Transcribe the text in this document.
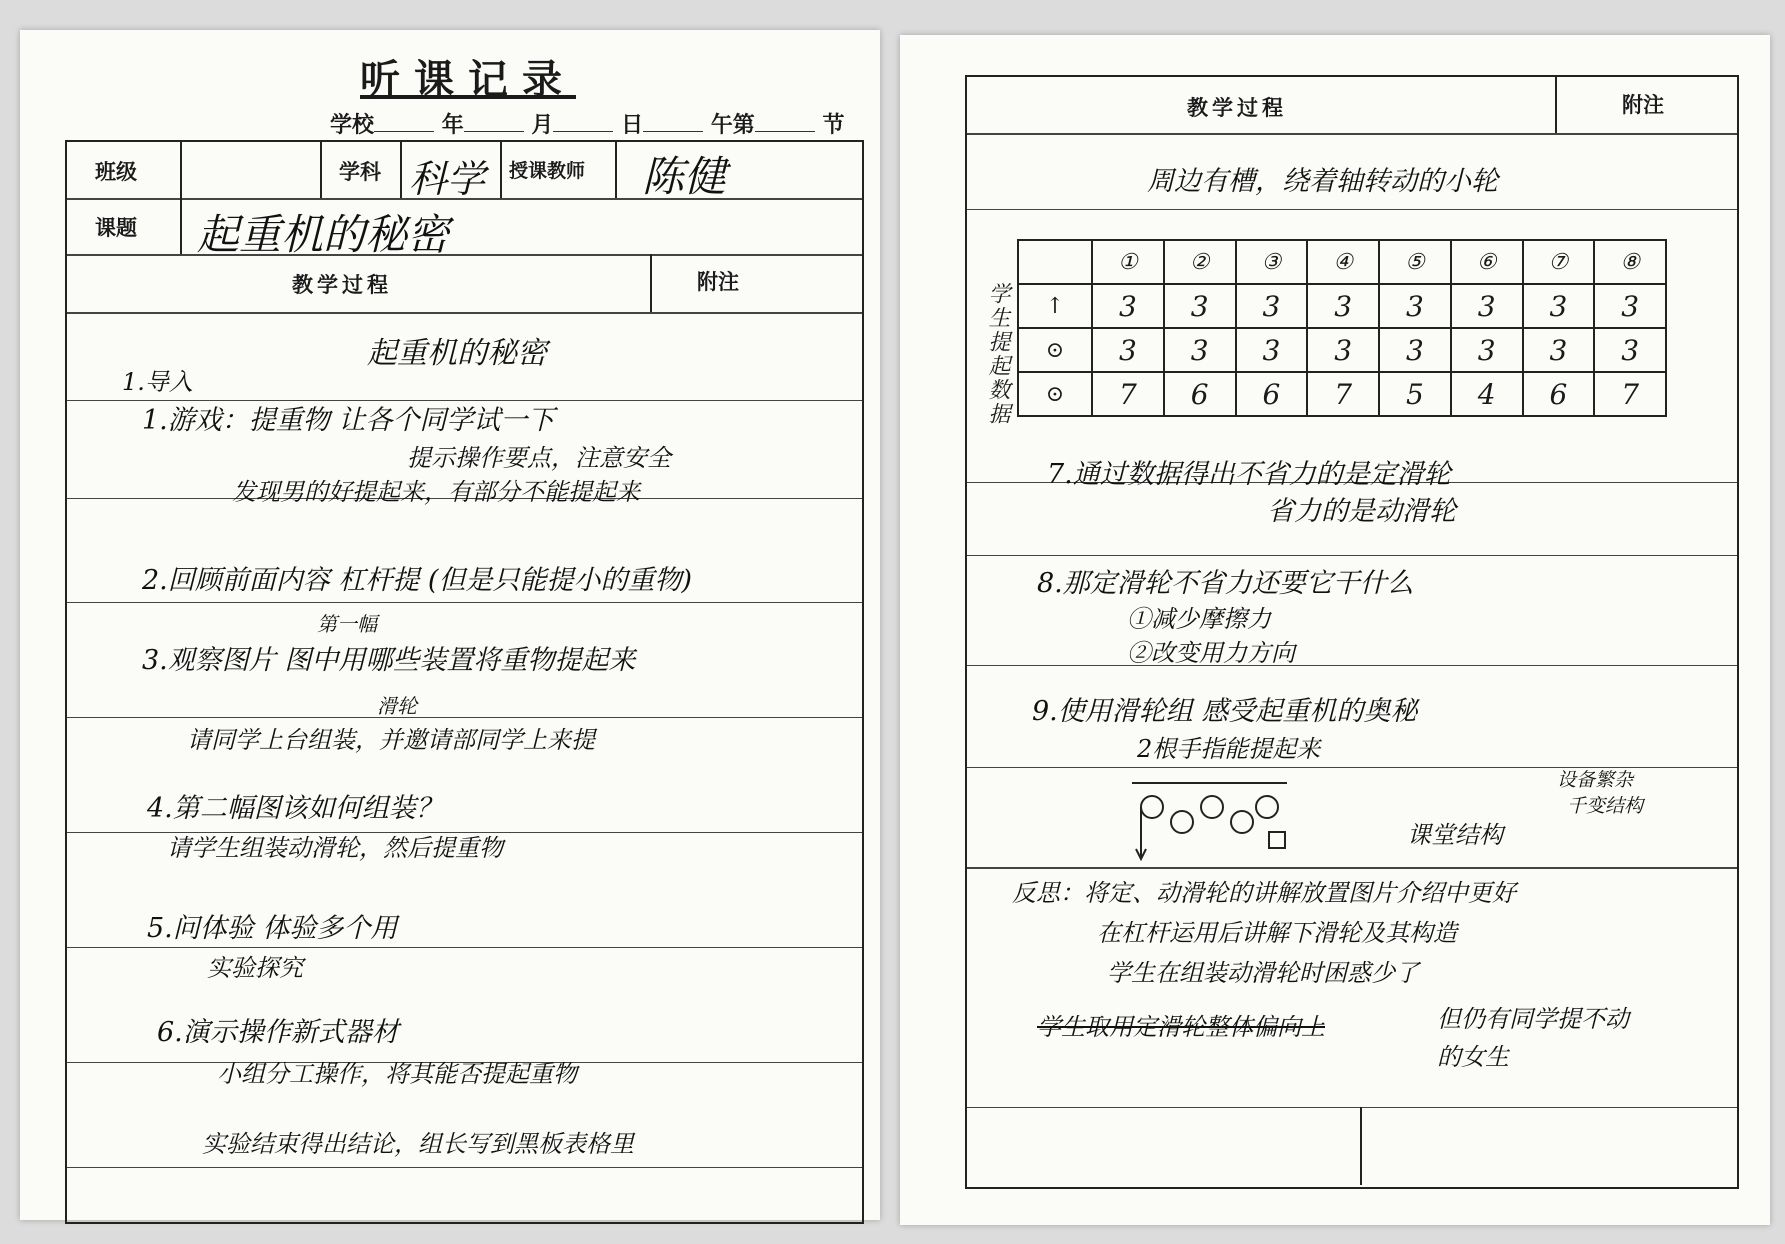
听课记录
学校	年	月	日	午第	节
班级	学科 科学 授课教师 陈健
课题 起重机的秘密
教学过程	附注
起重机的秘密
1.导入
1.游戏：提重物 让各个同学试一下
提示操作要点，注意安全
发现男的好提起来，有部分不能提起来
2.回顾前面内容 杠杆提 (但是只能提小的重物)
第一幅
3.观察图片 图中用哪些装置将重物提起来
滑轮
请同学上台组装，并邀请部同学上来提
4.第二幅图该如何组装？
请学生组装动滑轮，然后提重物
5.问体验 体验多个用
实验探究
6.演示操作新式器材
小组分工操作，将其能否提起重物
实验结束得出结论，组长写到黑板表格里
教学过程	附注
周边有槽，绕着轴转动的小轮
学生提起数据
	①	②	③	④	⑤	⑥	⑦	⑧
↑	3	3	3	3	3	3	3	3
⊙	3	3	3	3	3	3	3	3
⊙	7	6	6	7	5	4	6	7
7.通过数据得出不省力的是定滑轮
省力的是动滑轮
8.那定滑轮不省力还要它干什么
①减少摩擦力
②改变用力方向
9.使用滑轮组 感受起重机的奥秘
2根手指能提起来
课堂结构
设备繁杂
千变结构
反思：将定、动滑轮的讲解放置图片介绍中更好
在杠杆运用后讲解下滑轮及其构造
学生在组装动滑轮时困惑少了
学生取用定滑轮整体偏向上	但仍有同学提不动
的女生
